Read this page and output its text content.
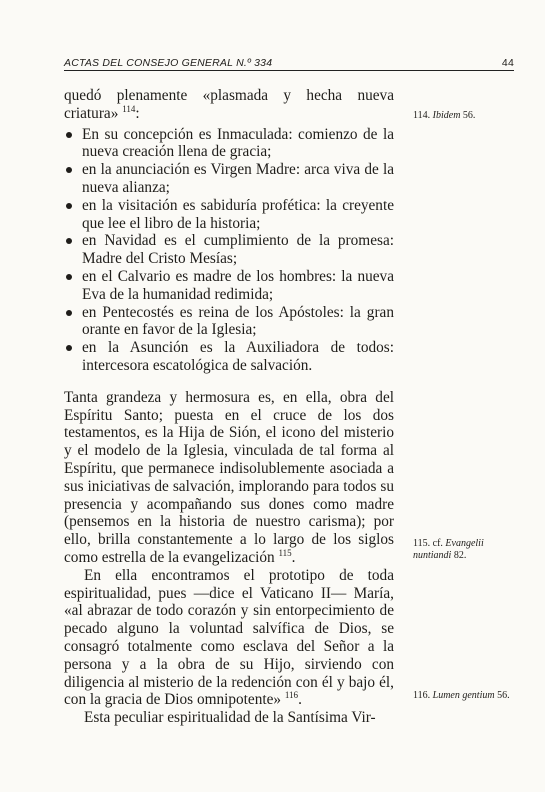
ACTAS DEL CONSEJO GENERAL N.º 334	44

quedó plenamente «plasmada y hecha nueva criatura» $^{114}$:

En su concepción es Inmaculada: comienzo de la nueva creación llena de gracia;
en la anunciación es Virgen Madre: arca viva de la nueva alianza;
en la visitación es sabiduría profética: la creyente que lee el libro de la historia;
en Navidad es el cumplimiento de la promesa: Madre del Cristo Mesías;
en el Calvario es madre de los hombres: la nueva Eva de la humanidad redimida;
en Pentecostés es reina de los Apóstoles: la gran orante en favor de la Iglesia;
en la Asunción es la Auxiliadora de todos: intercesora escatológica de salvación.

Tanta grandeza y hermosura es, en ella, obra del Espíritu Santo; puesta en el cruce de los dos testamentos, es la Hija de Sión, el icono del misterio y el modelo de la Iglesia, vinculada de tal forma al Espíritu, que permanece indisolublemente asociada a sus iniciativas de salvación, implorando para todos su presencia y acompañando sus dones como madre (pensemos en la historia de nuestro carisma); por ello, brilla constantemente a lo largo de los siglos como estrella de la evangelización $^{115}$.

En ella encontramos el prototipo de toda espiritualidad, pues —dice el Vaticano II— María, «al abrazar de todo corazón y sin entorpecimiento de pecado alguno la voluntad salvífica de Dios, se consagró totalmente como esclava del Señor a la persona y a la obra de su Hijo, sirviendo con diligencia al misterio de la redención con él y bajo él, con la gracia de Dios omnipotente» $^{116}$.

Esta peculiar espiritualidad de la Santísima Vir-

114. Ibidem 56.
115. cf. Evangelii nuntiandi 82.
116. Lumen gentium 56.
